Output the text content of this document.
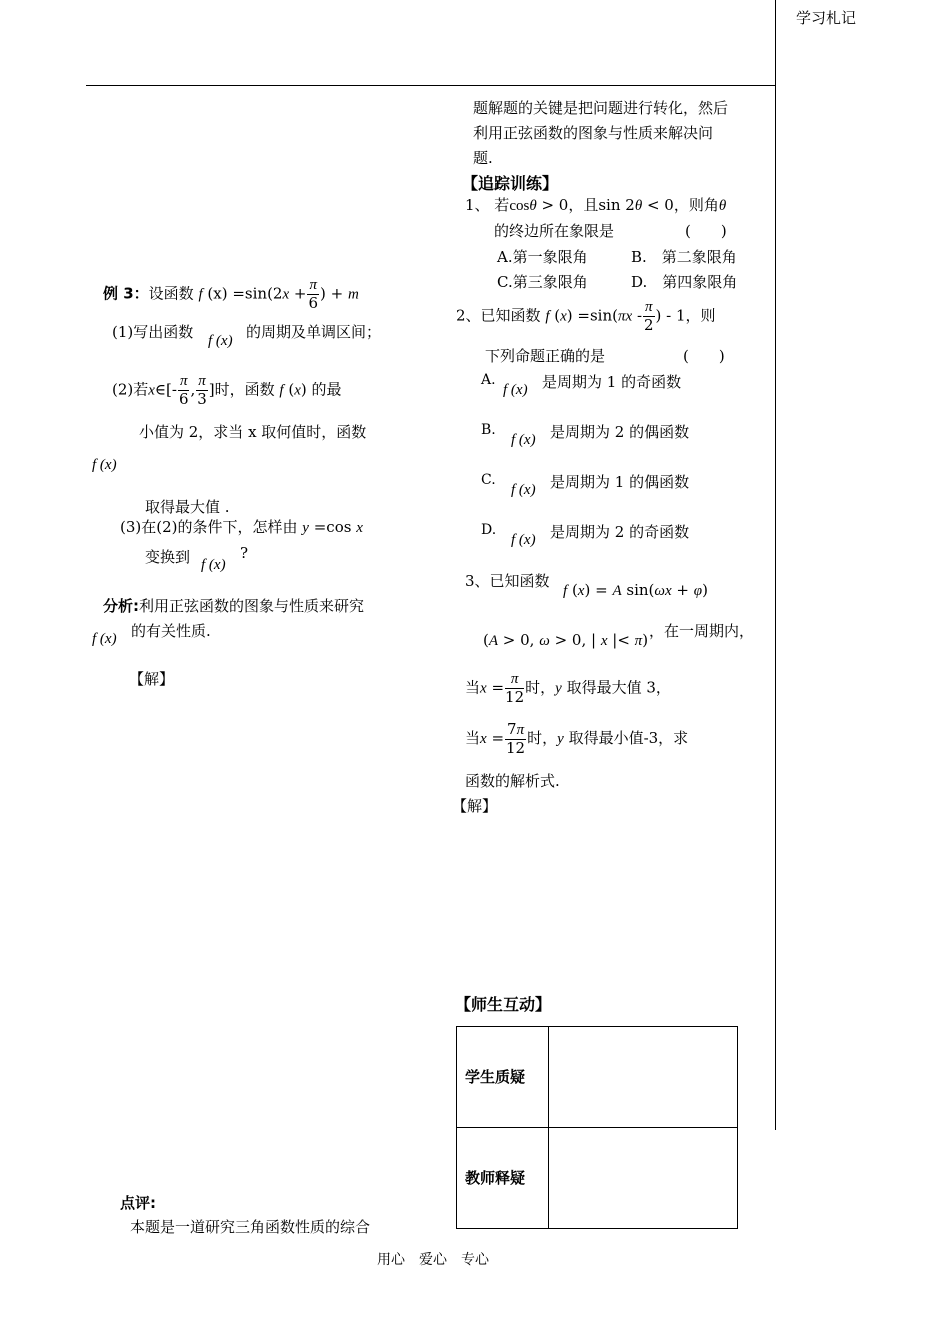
学习札记
例 3：设函数 f $(x) =\sin(2x + \frac{\pi}{6}$ ) + m
(1)写出函数 f (x) 的周期及单调区间；
(2)若x∈[- $\frac{\pi}{6}$ , $\frac{\pi}{3}$ ]时，函数 f (x) 的最
小值为 2，求当 x 取何值时，函数
f (x)
取得最大值 .
(3)在(2)的条件下，怎样由 y =cos x
变换到 f (x)
?
分析:利用正弦函数的图象与性质来研究
f (x) 的有关性质.
【解】
点评:
本题是一道研究三角函数性质的综合
题解题的关键是把问题进行转化，然后
利用正弦函数的图象与性质来解决问
题.
【追踪训练】
1、 若cosθ > 0，且sin 2θ < 0，则角θ
的终边所在象限是	(　　)
A.第一象限角	B.　第二象限角
C.第三象限角	D.　第四象限角
2、已知函数 f $(x) =\sin(\pi x - \frac{\pi}{2}$ ) - 1，则
下列命题正确的是	(　　)
A.
f (x) 是周期为 1 的奇函数
B.
f (x) 是周期为 2 的偶函数
C.
f (x) 是周期为 1 的偶函数
D.
f (x) 是周期为 2 的奇函数
3、已知函数
f (x) = A sin(ωx + φ)
(A > 0, ω > 0, | x |< π) ，在一周期内，
当$x = \frac{\pi}{12}$ 时，y 取得最大值 3，
当$x = \frac{7\pi}{12}$ 时，y 取得最小值-3，求
函数的解析式.
【解】
【师生互动】
学生质疑	
教师释疑	
用心　爱心　专心
